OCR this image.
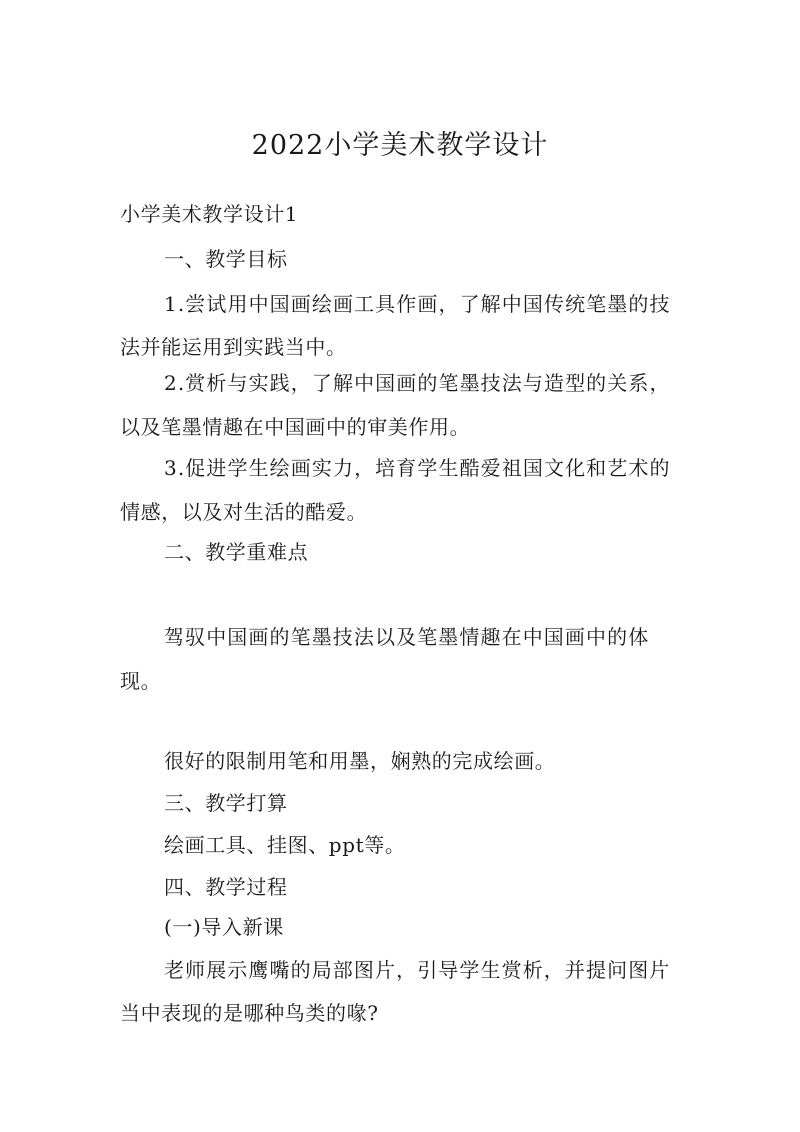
2022小学美术教学设计
小学美术教学设计1
一、教学目标
1.尝试用中国画绘画工具作画，了解中国传统笔墨的技
法并能运用到实践当中。
2.赏析与实践，了解中国画的笔墨技法与造型的关系，
以及笔墨情趣在中国画中的审美作用。
3.促进学生绘画实力，培育学生酷爱祖国文化和艺术的
情感，以及对生活的酷爱。
二、教学重难点
驾驭中国画的笔墨技法以及笔墨情趣在中国画中的体
现。
很好的限制用笔和用墨，娴熟的完成绘画。
三、教学打算
绘画工具、挂图、ppt等。
四、教学过程
(一)导入新课
老师展示鹰嘴的局部图片，引导学生赏析，并提问图片
当中表现的是哪种鸟类的喙?
